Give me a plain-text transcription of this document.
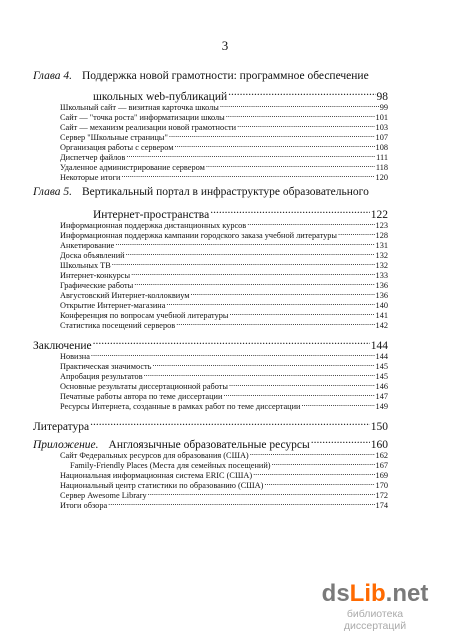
3
Глава 4. Поддержка новой грамотности: программное обеспечение
школьных web-публикаций .....	98
Школьный сайт — визитная карточка школы .....	99
Сайт — "точка роста" информатизации школы .....	101
Сайт — механизм реализации новой грамотности .....	103
Сервер "Школьные страницы" .....	107
Организация работы с сервером .....	108
Диспетчер файлов .....	111
Удаленное администрирование сервером .....	118
Некоторые итоги .....	120
Глава 5. Вертикальный портал в инфраструктуре образовательного
Интернет-пространства .....	122
Информационная поддержка дистанционных курсов .....	123
Информационная поддержка кампании городского заказа учебной литературы .....	128
Анкетирование .....	131
Доска объявлений .....	132
Школьных ТВ .....	132
Интернет-конкурсы .....	133
Графические работы .....	136
Августовский Интернет-коллоквиум .....	136
Открытие Интернет-магазина .....	140
Конференция по вопросам учебной литературы .....	141
Статистика посещений серверов .....	142
Заключение .....	144
Новизна .....	144
Практическая значимость .....	145
Апробация результатов .....	145
Основные результаты диссертационной работы .....	146
Печатные работы автора по теме диссертации .....	147
Ресурсы Интернета, созданные в рамках работ по теме диссертации .....	149
Литература .....	150
Приложение. Англоязычные образовательные ресурсы .....	160
Сайт Федеральных ресурсов для образования (США) .....	162
Family-Friendly Places (Места для семейных посещений) .....	167
Национальная информационная система ERIC (США) .....	169
Национальный центр статистики по образованию (США) .....	170
Сервер Awesome Library .....	172
Итоги обзора .....	174
dsLib.net
библиотека диссертаций
